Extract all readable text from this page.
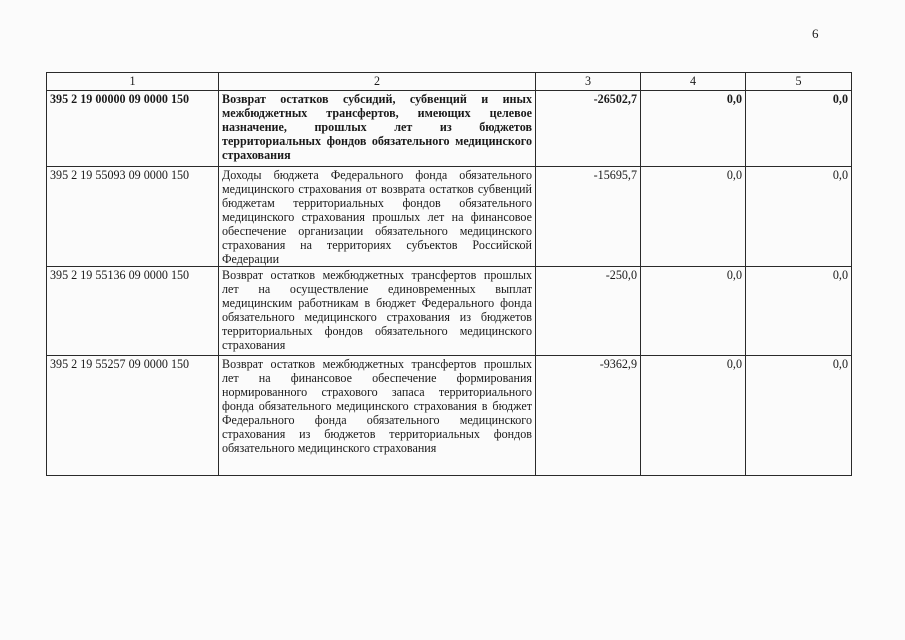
6
1	2	3	4	5
395 2 19 00000 09 0000 150	Возврат остатков субсидий, субвенций и иных межбюджетных трансфертов, имеющих целевое назначение, прошлых лет из бюджетов территориальных фондов обязательного медицинского страхования	-26502,7	0,0	0,0
395 2 19 55093 09 0000 150	Доходы бюджета Федерального фонда обязательного медицинского страхования от возврата остатков субвенций бюджетам территориальных фондов обязательного медицинского страхования прошлых лет на финансовое обеспечение организации обязательного медицинского страхования на территориях субъектов Российской Федерации	-15695,7	0,0	0,0
395 2 19 55136 09 0000 150	Возврат остатков межбюджетных трансфертов прошлых лет на осуществление единовременных выплат медицинским работникам в бюджет Федерального фонда обязательного медицинского страхования из бюджетов территориальных фондов обязательного медицинского страхования	-250,0	0,0	0,0
395 2 19 55257 09 0000 150	Возврат остатков межбюджетных трансфертов прошлых лет на финансовое обеспечение формирования нормированного страхового запаса территориального фонда обязательного медицинского страхования в бюджет Федерального фонда обязательного медицинского страхования из бюджетов территориальных фондов обязательного медицинского страхования	-9362,9	0,0	0,0
